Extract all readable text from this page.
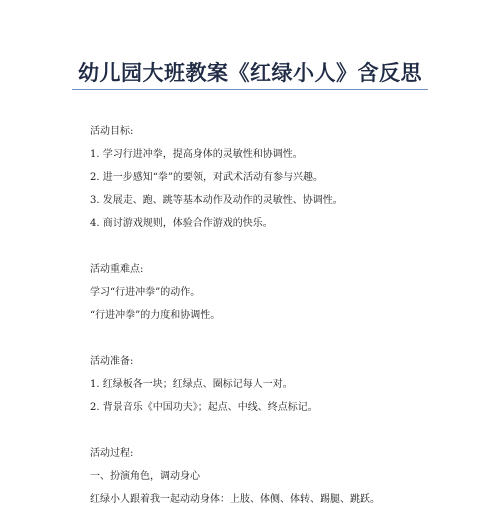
幼儿园大班教案《红绿小人》含反思
活动目标:
1. 学习行进冲拳，提高身体的灵敏性和协调性。
2. 进一步感知“拳”的要领，对武术活动有参与兴趣。
3. 发展走、跑、跳等基本动作及动作的灵敏性、协调性。
4. 商讨游戏规则，体验合作游戏的快乐。
活动重难点:
学习“行进冲拳”的动作。
“行进冲拳”的力度和协调性。
活动准备:
1. 红绿板各一块；红绿点、圈标记每人一对。
2. 背景音乐《中国功夫》；起点、中线、终点标记。
活动过程:
一、扮演角色，调动身心
红绿小人跟着我一起动动身体：上肢、体侧、体转、踢腿、跳跃。
